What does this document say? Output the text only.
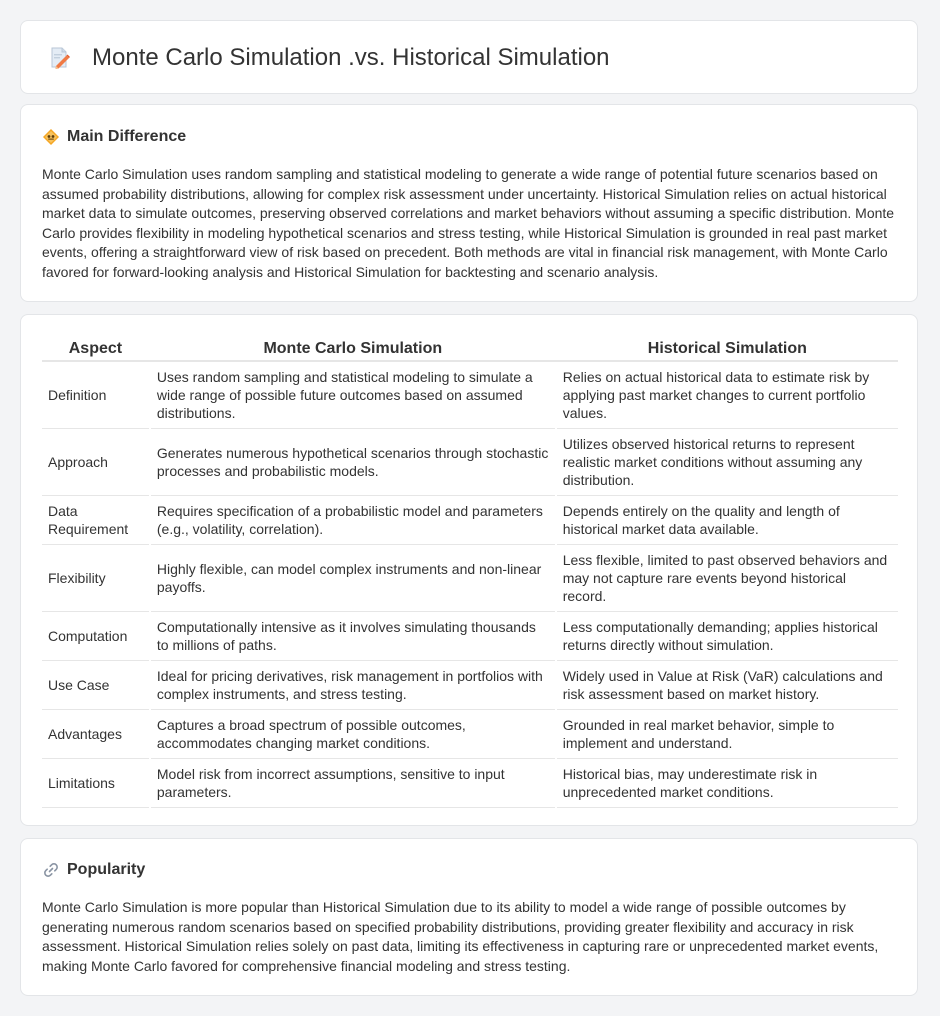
Monte Carlo Simulation .vs. Historical Simulation
Main Difference

Monte Carlo Simulation uses random sampling and statistical modeling to generate a wide range of potential future scenarios based on assumed probability distributions, allowing for complex risk assessment under uncertainty. Historical Simulation relies on actual historical market data to simulate outcomes, preserving observed correlations and market behaviors without assuming a specific distribution. Monte Carlo provides flexibility in modeling hypothetical scenarios and stress testing, while Historical Simulation is grounded in real past market events, offering a straightforward view of risk based on precedent. Both methods are vital in financial risk management, with Monte Carlo favored for forward-looking analysis and Historical Simulation for backtesting and scenario analysis.

Aspect	Monte Carlo Simulation	Historical Simulation
Definition	Uses random sampling and statistical modeling to simulate a wide range of possible future outcomes based on assumed distributions.	Relies on actual historical data to estimate risk by applying past market changes to current portfolio values.
Approach	Generates numerous hypothetical scenarios through stochastic processes and probabilistic models.	Utilizes observed historical returns to represent realistic market conditions without assuming any distribution.
Data Requirement	Requires specification of a probabilistic model and parameters (e.g., volatility, correlation).	Depends entirely on the quality and length of historical market data available.
Flexibility	Highly flexible, can model complex instruments and non-linear payoffs.	Less flexible, limited to past observed behaviors and may not capture rare events beyond historical record.
Computation	Computationally intensive as it involves simulating thousands to millions of paths.	Less computationally demanding; applies historical returns directly without simulation.
Use Case	Ideal for pricing derivatives, risk management in portfolios with complex instruments, and stress testing.	Widely used in Value at Risk (VaR) calculations and risk assessment based on market history.
Advantages	Captures a broad spectrum of possible outcomes, accommodates changing market conditions.	Grounded in real market behavior, simple to implement and understand.
Limitations	Model risk from incorrect assumptions, sensitive to input parameters.	Historical bias, may underestimate risk in unprecedented market conditions.
Popularity

Monte Carlo Simulation is more popular than Historical Simulation due to its ability to model a wide range of possible outcomes by generating numerous random scenarios based on specified probability distributions, providing greater flexibility and accuracy in risk assessment. Historical Simulation relies solely on past data, limiting its effectiveness in capturing rare or unprecedented market events, making Monte Carlo favored for comprehensive financial modeling and stress testing.
